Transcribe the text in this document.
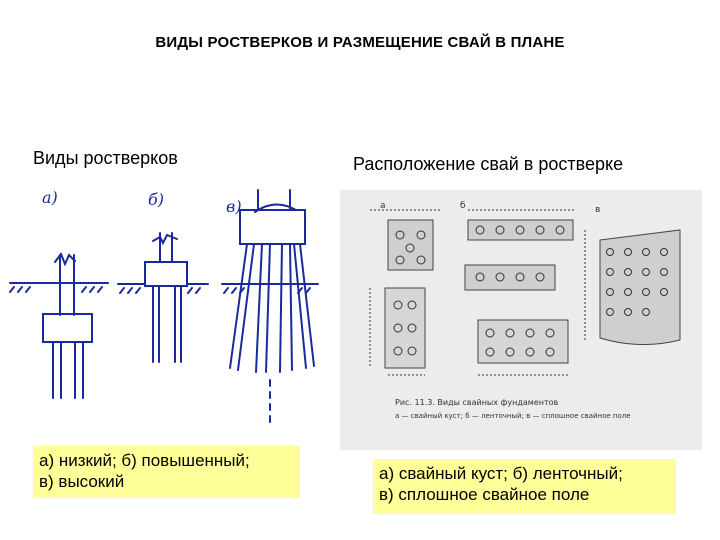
ВИДЫ РОСТВЕРКОВ И РАЗМЕЩЕНИЕ СВАЙ В ПЛАНЕ
Виды ростверков	Расположение свай в ростверке
а)	б)	в)	а	б	в
Рис. 11.3. Виды свайных фундаментов
а — свайный куст; б — ленточный; в — сплошное свайное поле
а) низкий; б) повышенный;
в) высокий	а) свайный куст; б) ленточный;
в) сплошное свайное поле
